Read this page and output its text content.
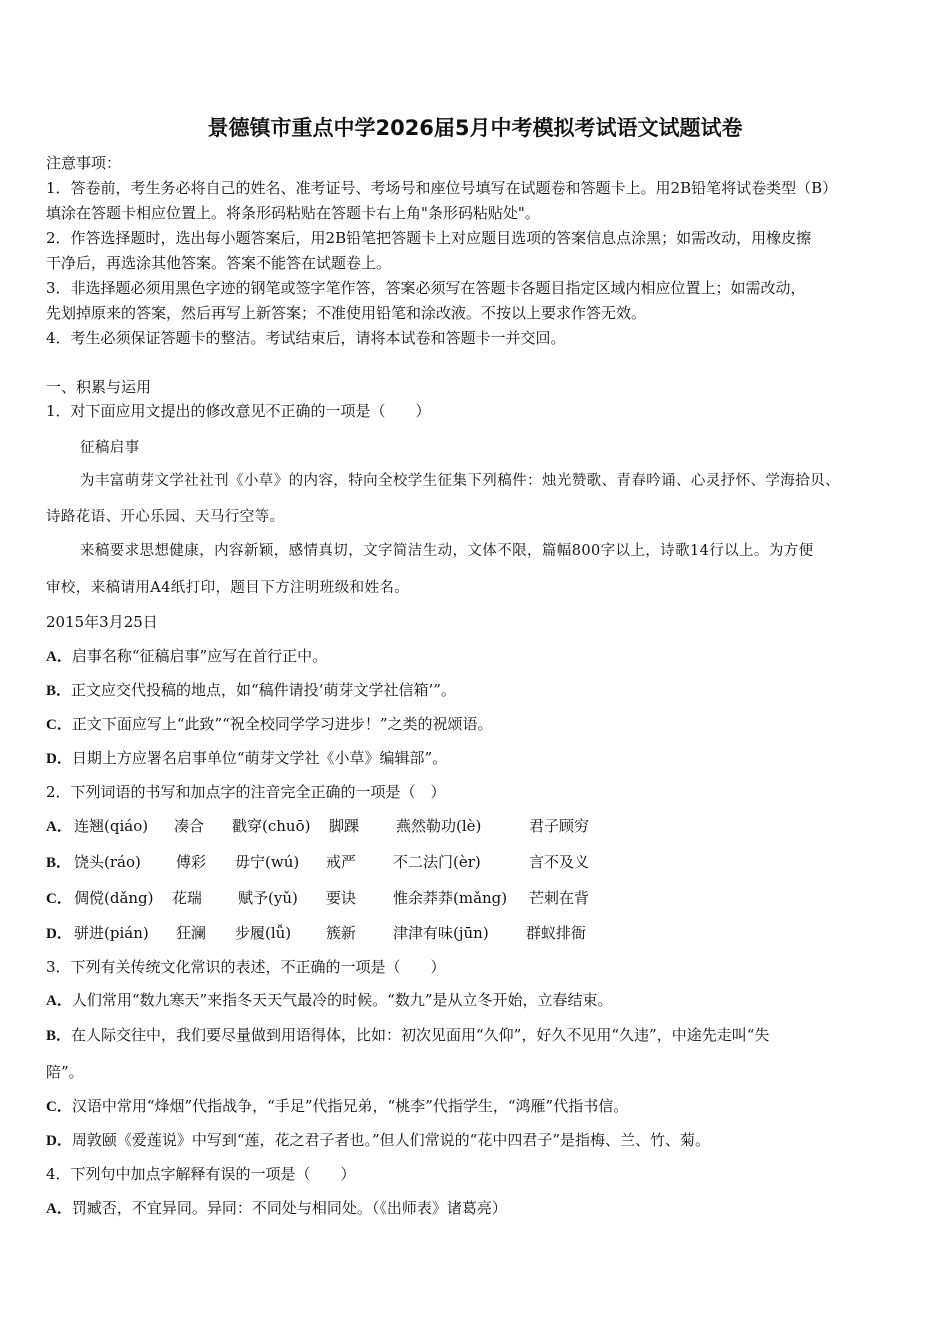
景德镇市重点中学2026届5月中考模拟考试语文试题试卷
注意事项：
1．答卷前，考生务必将自己的姓名、准考证号、考场号和座位号填写在试题卷和答题卡上。用2B铅笔将试卷类型（B）
填涂在答题卡相应位置上。将条形码粘贴在答题卡右上角"条形码粘贴处"。
2．作答选择题时，选出每小题答案后，用2B铅笔把答题卡上对应题目选项的答案信息点涂黑；如需改动，用橡皮擦
干净后，再选涂其他答案。答案不能答在试题卷上。
3．非选择题必须用黑色字迹的钢笔或签字笔作答，答案必须写在答题卡各题目指定区域内相应位置上；如需改动，
先划掉原来的答案，然后再写上新答案；不准使用铅笔和涂改液。不按以上要求作答无效。
4．考生必须保证答题卡的整洁。考试结束后，请将本试卷和答题卡一并交回。
一、积累与运用
1．对下面应用文提出的修改意见不正确的一项是（　　）
征稿启事
为丰富萌芽文学社社刊《小草》的内容，特向全校学生征集下列稿件：烛光赞歌、青春吟诵、心灵抒怀、学海拾贝、
诗路花语、开心乐园、天马行空等。
来稿要求思想健康，内容新颖，感情真切，文字简洁生动，文体不限，篇幅800字以上，诗歌14行以上。为方便
审校，来稿请用A4纸打印，题目下方注明班级和姓名。
2015年3月25日
A．启事名称“征稿启事”应写在首行正中。
B．正文应交代投稿的地点，如“稿件请投‘萌芽文学社信箱’”。
C．正文下面应写上“此致”“祝全校同学学习进步！”之类的祝颂语。
D．日期上方应署名启事单位“萌芽文学社《小草》编辑部”。
2．下列词语的书写和加点字的注音完全正确的一项是（　）
A． 连翘(qiáo) 凑合 戳穿(chuō) 脚踝 燕然勒功(lè)	君子顾穷
B． 饶头(ráo) 傅彩 毋宁(wú) 戒严 不二法门(èr)	言不及义
C． 倜傥(dǎng) 花瑞 赋予(yǔ) 要诀 惟余莽莽(mǎng) 芒刺在背
D． 骈进(pián) 狂澜 步履(lǚ) 簇新 津津有味(jūn) 群蚁排衙
3．下列有关传统文化常识的表述，不正确的一项是（　　）
A．人们常用“数九寒天”来指冬天天气最冷的时候。“数九”是从立冬开始，立春结束。
B．在人际交往中，我们要尽量做到用语得体，比如：初次见面用“久仰”，好久不见用“久违”，中途先走叫“失
陪”。
C．汉语中常用“烽烟”代指战争，“手足”代指兄弟，“桃李”代指学生，“鸿雁”代指书信。
D．周敦颐《爱莲说》中写到“莲，花之君子者也。”但人们常说的“花中四君子”是指梅、兰、竹、菊。
4．下列句中加点字解释有误的一项是（　　）
A．罚臧否，不宜异同。异同：不同处与相同处。（《出师表》诸葛亮）
